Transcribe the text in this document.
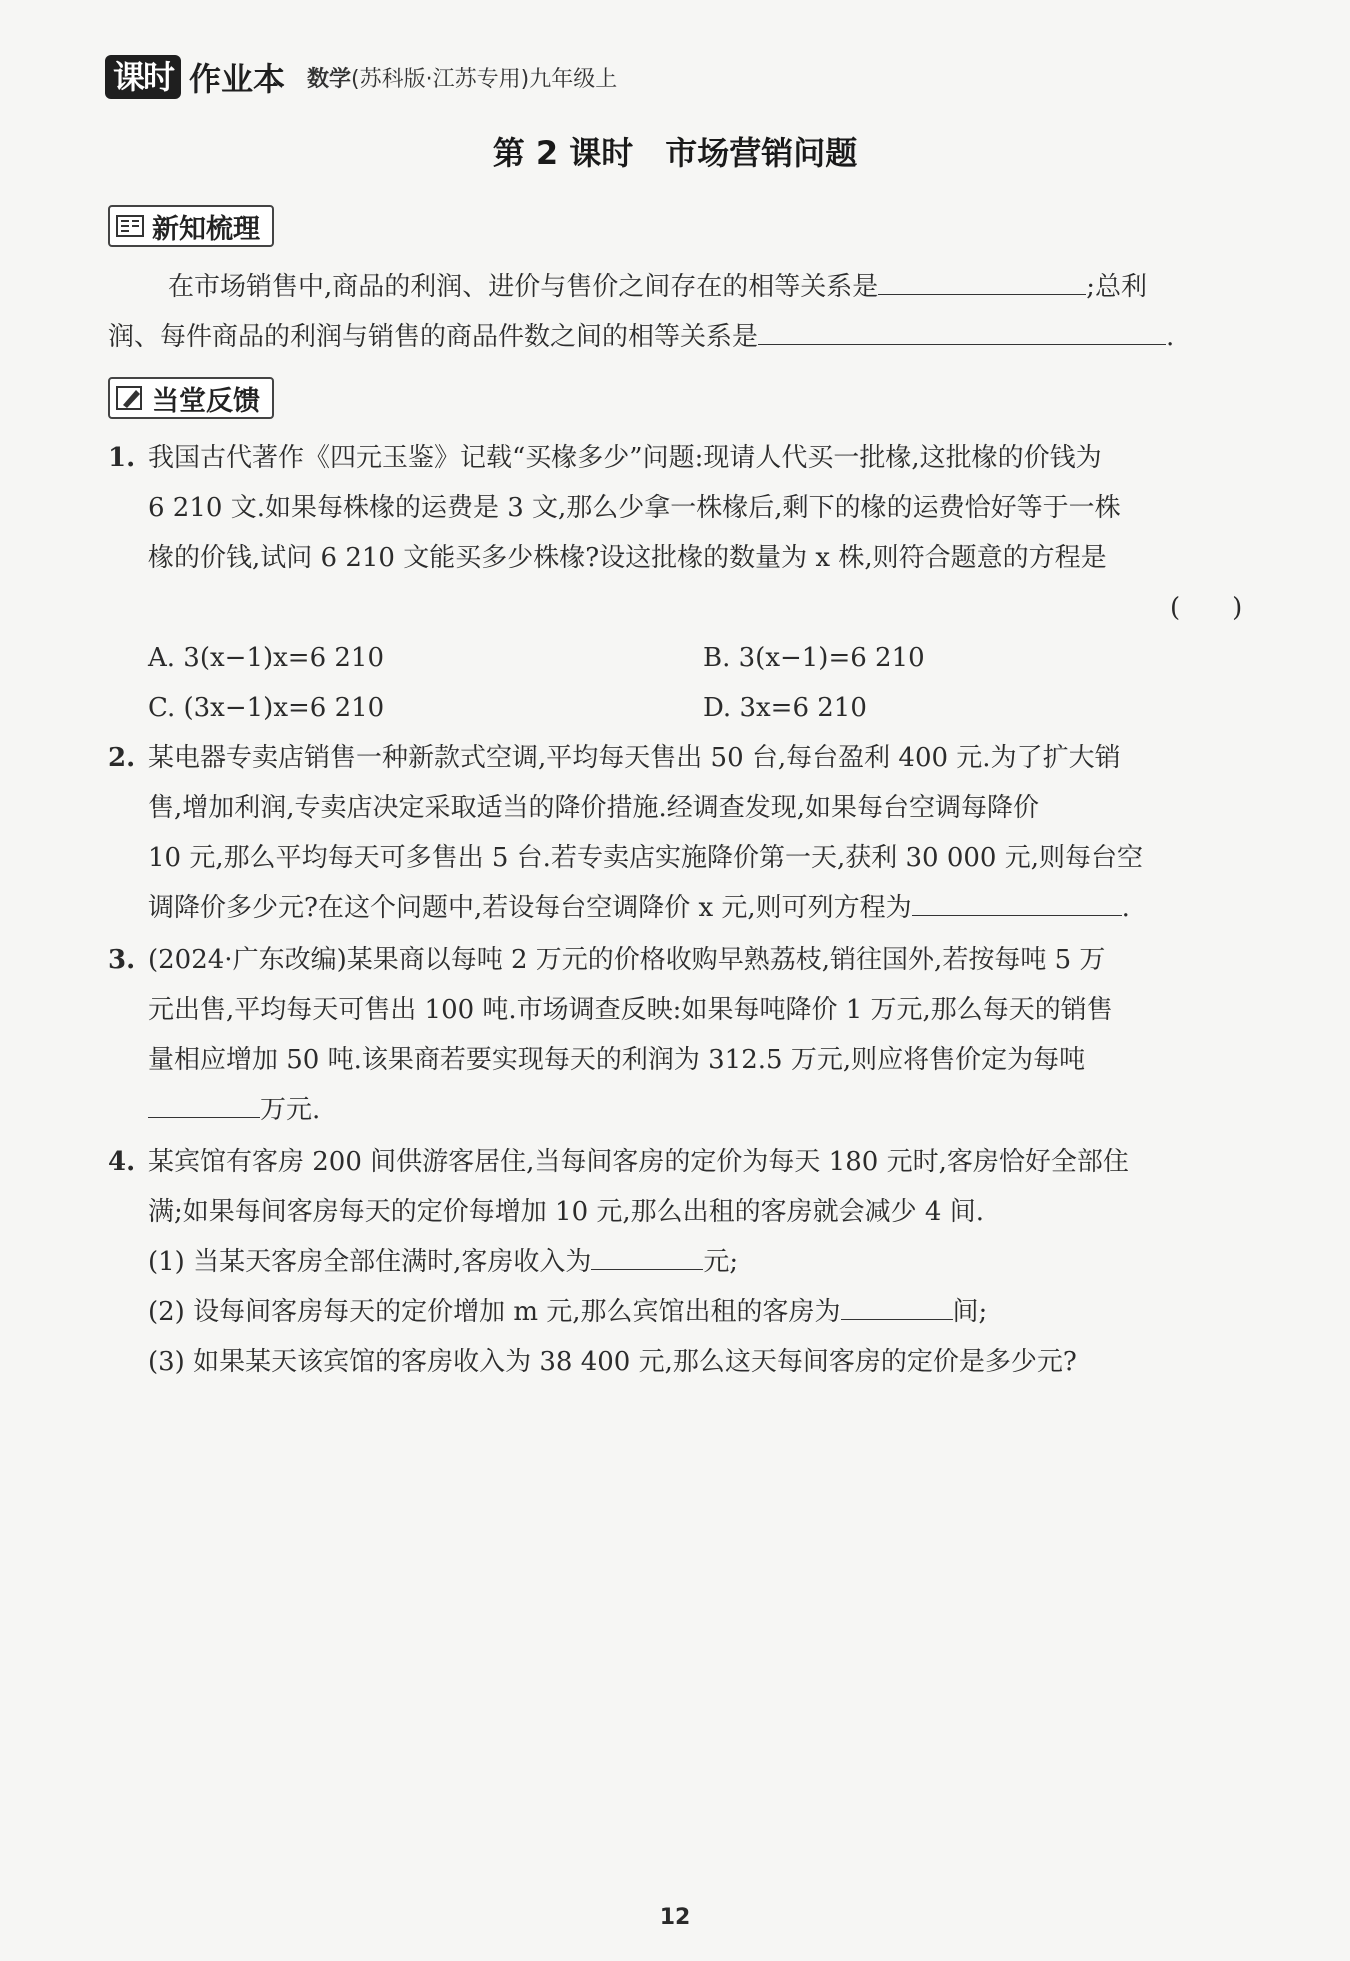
课时 作业本 数学(苏科版·江苏专用)九年级上
第 2 课时　市场营销问题
新知梳理
在市场销售中,商品的利润、进价与售价之间存在的相等关系是	;总利
润、每件商品的利润与销售的商品件数之间的相等关系是	.
当堂反馈
1. 我国古代著作《四元玉鉴》记载“买椽多少”问题:现请人代买一批椽,这批椽的价钱为
6 210 文.如果每株椽的运费是 3 文,那么少拿一株椽后,剩下的椽的运费恰好等于一株
椽的价钱,试问 6 210 文能买多少株椽?设这批椽的数量为 x 株,则符合题意的方程是
(　　)
A. 3(x−1)x=6 210	B. 3(x−1)=6 210
C. (3x−1)x=6 210	D. 3x=6 210
2. 某电器专卖店销售一种新款式空调,平均每天售出 50 台,每台盈利 400 元.为了扩大销
售,增加利润,专卖店决定采取适当的降价措施.经调查发现,如果每台空调每降价
10 元,那么平均每天可多售出 5 台.若专卖店实施降价第一天,获利 30 000 元,则每台空
调降价多少元?在这个问题中,若设每台空调降价 x 元,则可列方程为	.
3. (2024·广东改编)某果商以每吨 2 万元的价格收购早熟荔枝,销往国外,若按每吨 5 万
元出售,平均每天可售出 100 吨.市场调查反映:如果每吨降价 1 万元,那么每天的销售
量相应增加 50 吨.该果商若要实现每天的利润为 312.5 万元,则应将售价定为每吨
万元.
4. 某宾馆有客房 200 间供游客居住,当每间客房的定价为每天 180 元时,客房恰好全部住
满;如果每间客房每天的定价每增加 10 元,那么出租的客房就会减少 4 间.
(1) 当某天客房全部住满时,客房收入为	元;
(2) 设每间客房每天的定价增加 m 元,那么宾馆出租的客房为	间;
(3) 如果某天该宾馆的客房收入为 38 400 元,那么这天每间客房的定价是多少元?
12
